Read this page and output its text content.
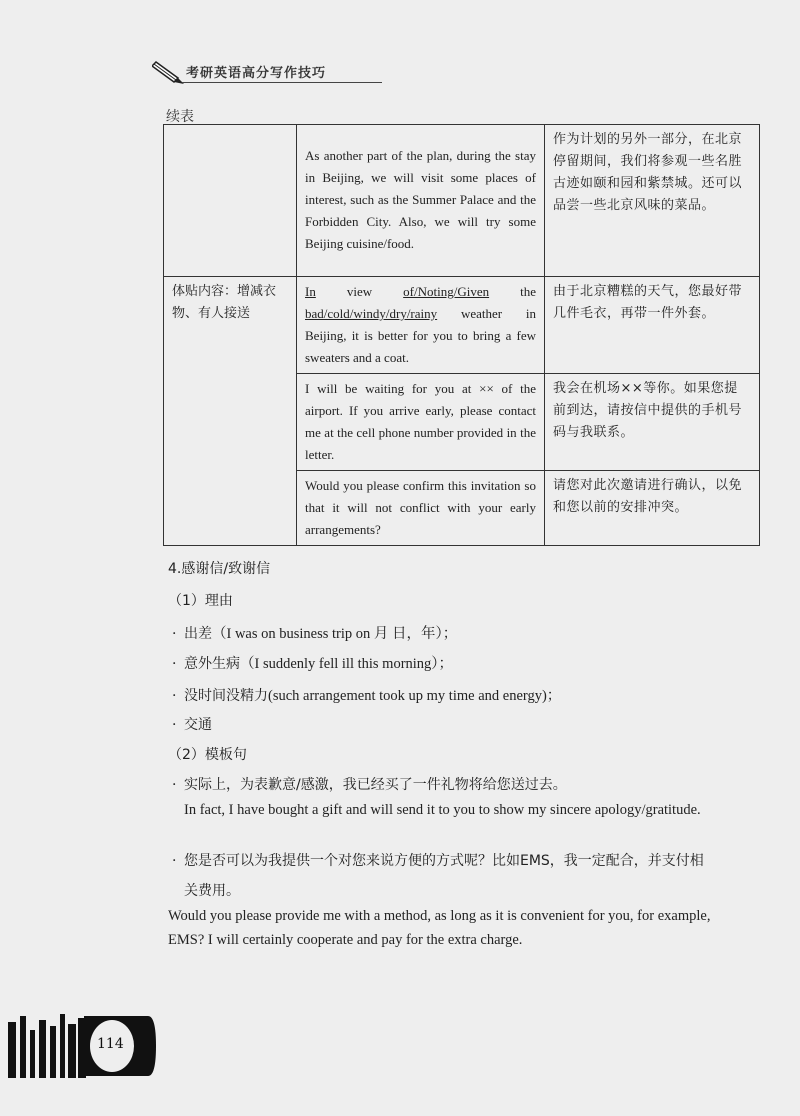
考研英语高分写作技巧
续表
	As another part of the plan, during the stay in Beijing, we will visit some places of interest, such as the Summer Palace and the Forbidden City. Also, we will try some Beijing cuisine/food.	作为计划的另外一部分，在北京停留期间，我们将参观一些名胜古迹如颐和园和紫禁城。还可以品尝一些北京风味的菜品。
体贴内容：增减衣物、有人接送	In view of/Noting/Given the bad/cold/windy/dry/rainy weather in Beijing, it is better for you to bring a few sweaters and a coat.	由于北京糟糕的天气，您最好带几件毛衣，再带一件外套。
	I will be waiting for you at ×× of the airport. If you arrive early, please contact me at the cell phone number provided in the letter.	我会在机场××等你。如果您提前到达，请按信中提供的手机号码与我联系。
	Would you please confirm this invitation so that it will not conflict with your early arrangements?	请您对此次邀请进行确认，以免和您以前的安排冲突。
4.感谢信/致谢信
（1）理由
· 出差（I was on business trip on 月 日，年）；
· 意外生病（I suddenly fell ill this morning）；
· 没时间没精力(such arrangement took up my time and energy)；
· 交通
（2）模板句
· 实际上，为表歉意/感激，我已经买了一件礼物将给您送过去。
In fact, I have bought a gift and will send it to you to show my sincere apology/gratitude.
· 您是否可以为我提供一个对您来说方便的方式呢？比如EMS，我一定配合，并支付相
关费用。
Would you please provide me with a method, as long as it is convenient for you, for example,
EMS? I will certainly cooperate and pay for the extra charge.
114
